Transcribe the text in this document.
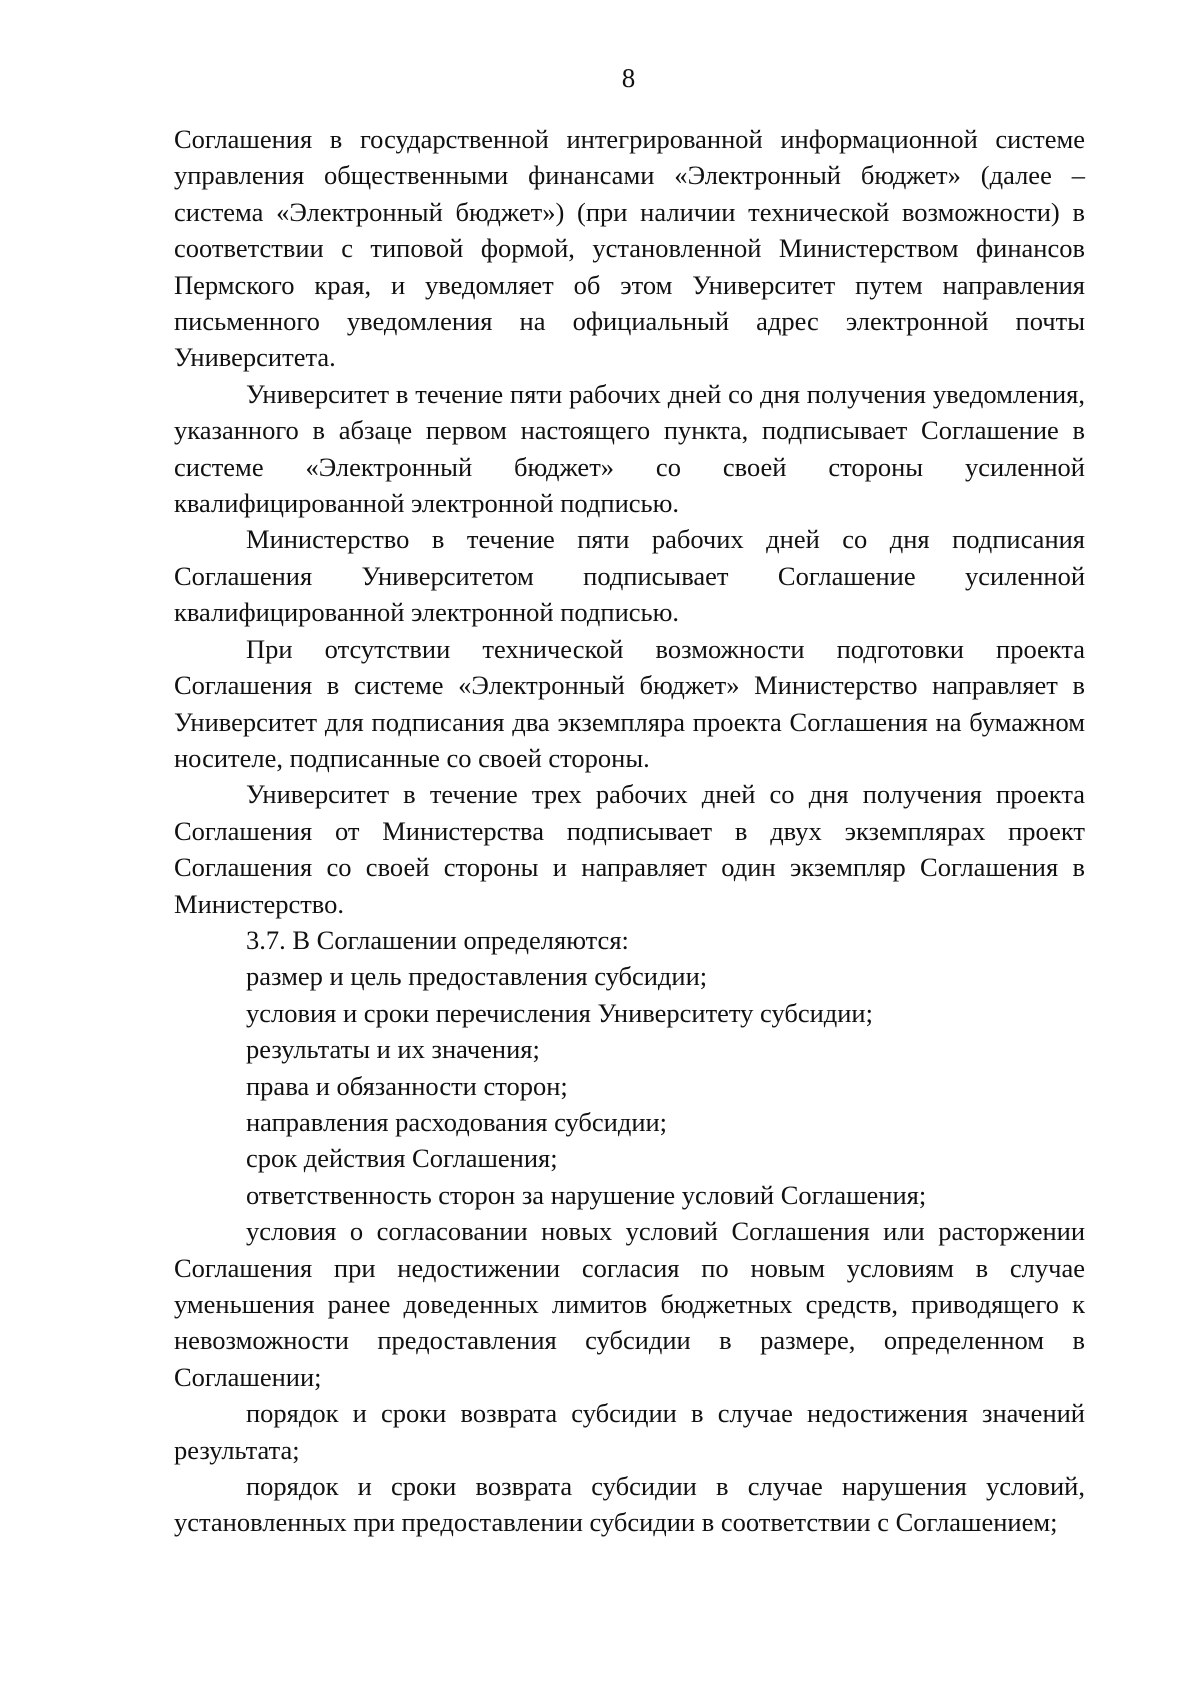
8

Соглашения в государственной интегрированной информационной системе управления общественными финансами «Электронный бюджет» (далее – система «Электронный бюджет») (при наличии технической возможности) в соответствии с типовой формой, установленной Министерством финансов Пермского края, и уведомляет об этом Университет путем направления письменного уведомления на официальный адрес электронной почты Университета.

Университет в течение пяти рабочих дней со дня получения уведомления, указанного в абзаце первом настоящего пункта, подписывает Соглашение в системе «Электронный бюджет» со своей стороны усиленной квалифицированной электронной подписью.

Министерство в течение пяти рабочих дней со дня подписания Соглашения Университетом подписывает Соглашение усиленной квалифицированной электронной подписью.

При отсутствии технической возможности подготовки проекта Соглашения в системе «Электронный бюджет» Министерство направляет в Университет для подписания два экземпляра проекта Соглашения на бумажном носителе, подписанные со своей стороны.

Университет в течение трех рабочих дней со дня получения проекта Соглашения от Министерства подписывает в двух экземплярах проект Соглашения со своей стороны и направляет один экземпляр Соглашения в Министерство.

3.7. В Соглашении определяются:

размер и цель предоставления субсидии;

условия и сроки перечисления Университету субсидии;

результаты и их значения;

права и обязанности сторон;

направления расходования субсидии;

срок действия Соглашения;

ответственность сторон за нарушение условий Соглашения;

условия о согласовании новых условий Соглашения или расторжении Соглашения при недостижении согласия по новым условиям в случае уменьшения ранее доведенных лимитов бюджетных средств, приводящего к невозможности предоставления субсидии в размере, определенном в Соглашении;

порядок и сроки возврата субсидии в случае недостижения значений результата;

порядок и сроки возврата субсидии в случае нарушения условий, установленных при предоставлении субсидии в соответствии с Соглашением;
